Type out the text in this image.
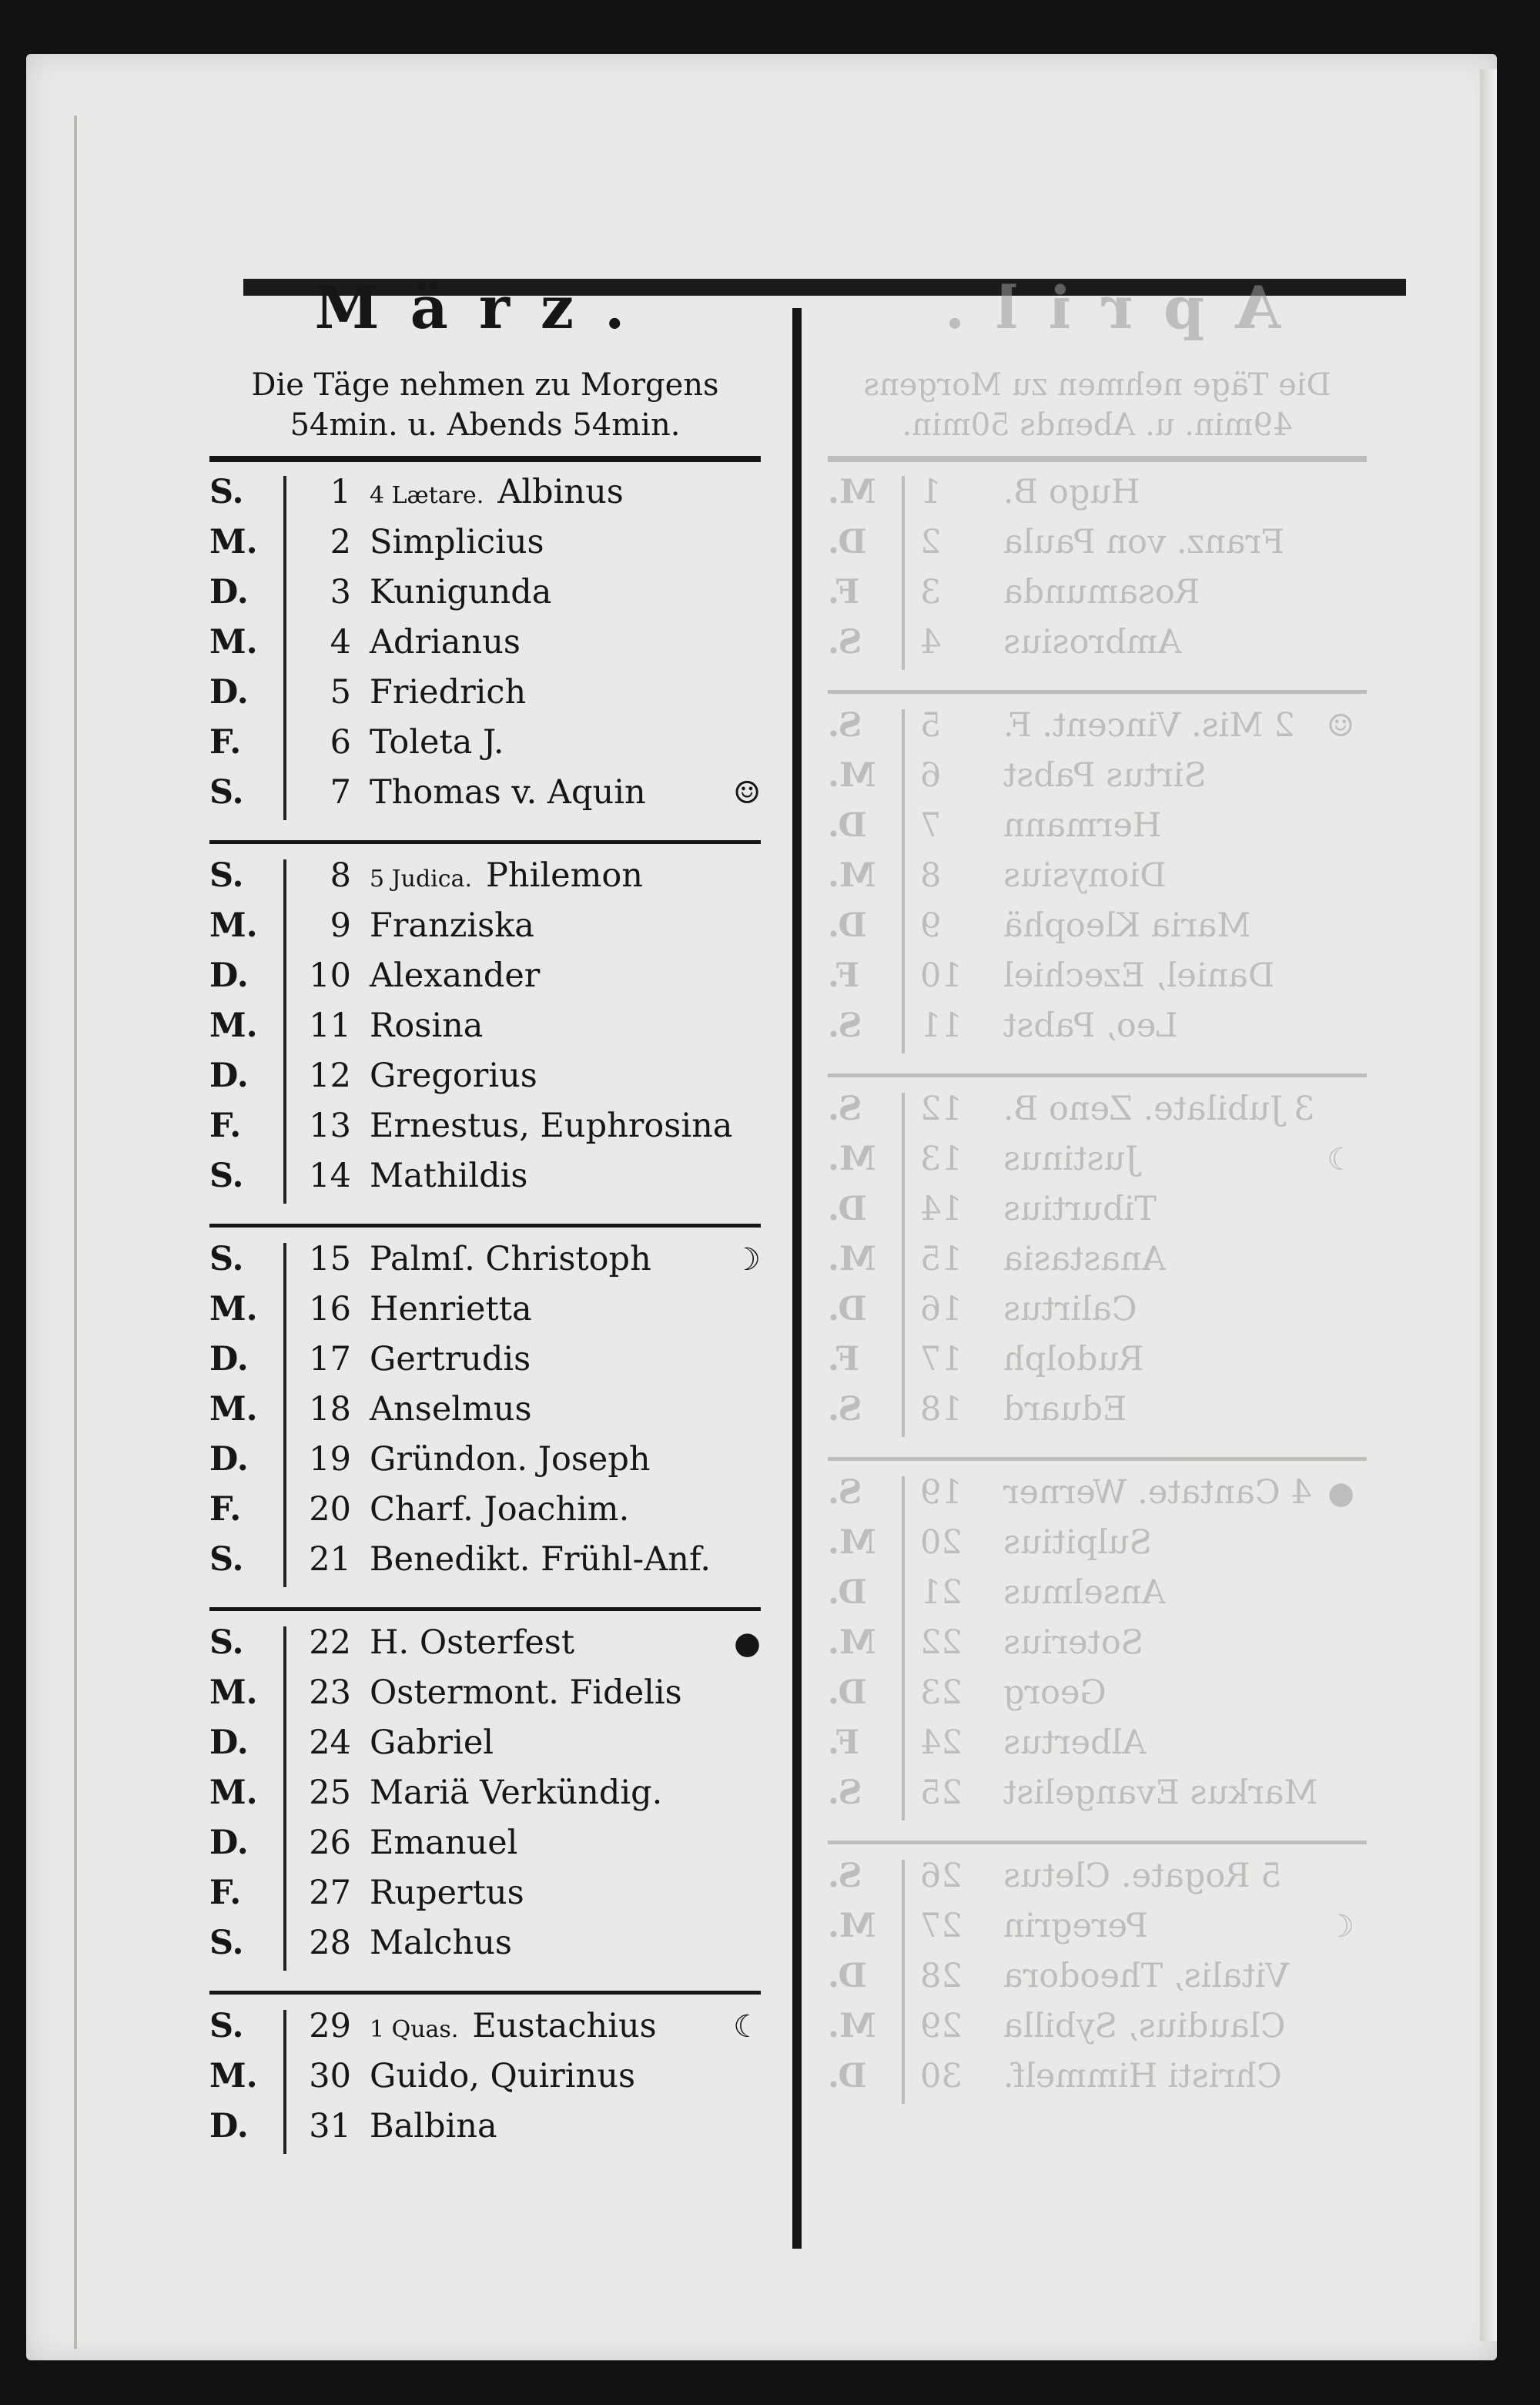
März.
Die Täge nehmen zu Morgens
54min. u. Abends 54min.
S.	1 4 Lætare. Albinus
M.	2 Simplicius
D.	3 Kunigunda
M.	4 Adrianus
D.	5 Friedrich
F.	6 Toleta J.
S.	7 Thomas v. Aquin	☺
S.	8 5 Judica. Philemon
M.	9 Franziska
D.	10 Alexander
M.	11 Rosina
D.	12 Gregorius
F.	13 Ernestus, Euphrosina
S.	14 Mathildis
S.	15 Palmſ. Christoph	☽
M.	16 Henrietta
D.	17 Gertrudis
M.	18 Anselmus
D.	19 Gründon. Joseph
F.	20 Charf. Joachim.
S.	21 Benedikt. Frühl-Anf.
S.	22 H. Osterfest	●
M.	23 Ostermont. Fidelis
D.	24 Gabriel
M.	25 Mariä Verkündig.
D.	26 Emanuel
F.	27 Rupertus
S.	28 Malchus
S.	29 1 Quas. Eustachius	☾
M.	30 Guido, Quirinus
D.	31 Balbina
April.
Die Täge nehmen zu Morgens
49min. u. Abends 50min.
M.	1	Hugo B.
D.	2	Franz. von Paula
F.	3	Rosamunda
S.	4	Ambrosius
S.	5	2 Mis. Vincent. F.	☺
M.	6	Sirtus Pabst
D.	7	Hermann
M.	8	Dionysius
D.	9	Maria Kleophä
F.	10	Daniel, Ezechiel
S.	11	Leo, Pabst
S.	12	3 Jubilate. Zeno B.
M.	13	Justinus	☽
D.	14	Tiburtius
M.	15	Anastasia
D.	16	Calirtus
F.	17	Rudolph
S.	18	Eduard
S.	19	4 Cantate. Werner ●
M.	20	Sulpitius
D.	21	Anselmus
M.	22	Soterius
D.	23	Georg
F.	24	Albertus
S.	25	Markus Evangelist
S.	26	5 Rogate. Cletus
M.	27	Peregrin	☾
D.	28	Vitalis, Theodora
M.	29	Claudius, Sybilla
D.	30	Christi Himmelf.
